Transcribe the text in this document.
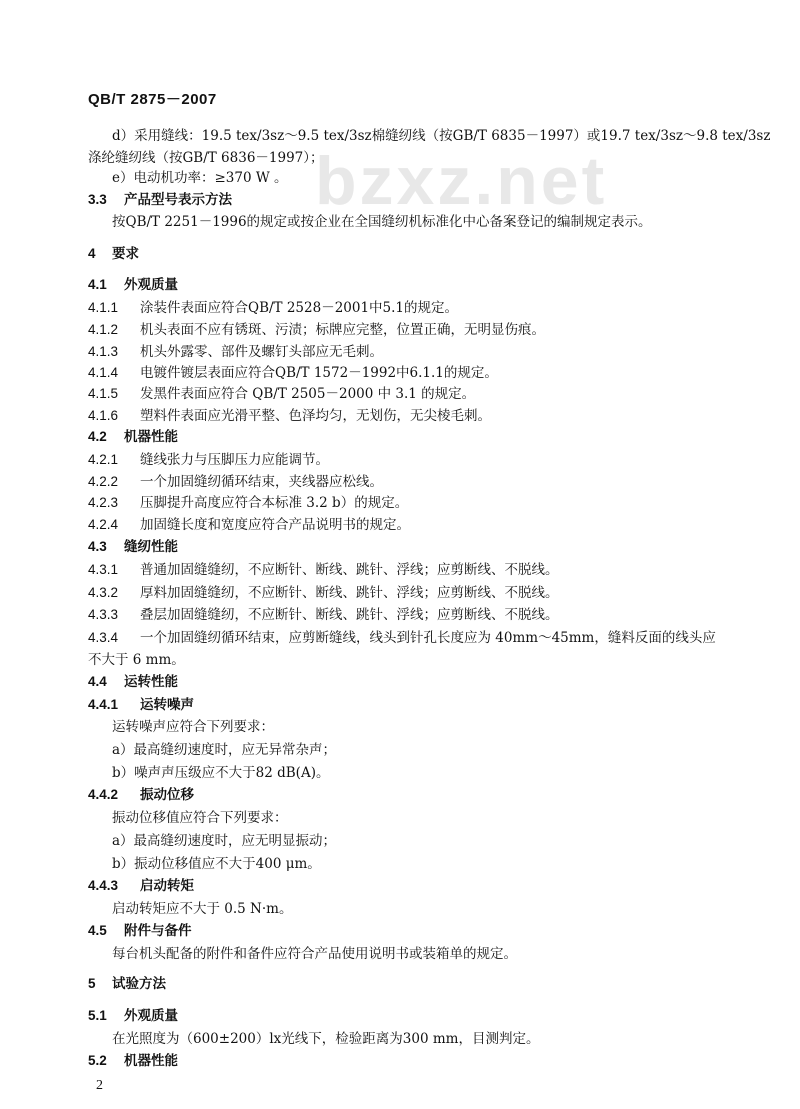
bzxz.net
QB/T 2875－2007
d）采用缝线：19.5 tex/3sz～9.5 tex/3sz棉缝纫线（按GB/T 6835－1997）或19.7 tex/3sz～9.8 tex/3sz
涤纶缝纫线（按GB/T 6836－1997）；
e）电动机功率：≥370 W 。
3.3 产品型号表示方法
按QB/T 2251－1996的规定或按企业在全国缝纫机标准化中心备案登记的编制规定表示。
4 要求
4.1 外观质量
4.1.1 涂装件表面应符合QB/T 2528－2001中5.1的规定。
4.1.2 机头表面不应有锈斑、污渍；标牌应完整，位置正确，无明显伤痕。
4.1.3 机头外露零、部件及螺钉头部应无毛刺。
4.1.4 电镀件镀层表面应符合QB/T 1572－1992中6.1.1的规定。
4.1.5 发黑件表面应符合 QB/T 2505－2000 中 3.1 的规定。
4.1.6 塑料件表面应光滑平整、色泽均匀，无划伤，无尖棱毛刺。
4.2 机器性能
4.2.1 缝线张力与压脚压力应能调节。
4.2.2 一个加固缝纫循环结束，夹线器应松线。
4.2.3 压脚提升高度应符合本标准 3.2 b）的规定。
4.2.4 加固缝长度和宽度应符合产品说明书的规定。
4.3 缝纫性能
4.3.1 普通加固缝缝纫，不应断针、断线、跳针、浮线；应剪断线、不脱线。
4.3.2 厚料加固缝缝纫，不应断针、断线、跳针、浮线；应剪断线、不脱线。
4.3.3 叠层加固缝缝纫，不应断针、断线、跳针、浮线；应剪断线、不脱线。
4.3.4 一个加固缝纫循环结束，应剪断缝线，线头到针孔长度应为 40mm～45mm，缝料反面的线头应
不大于 6 mm。
4.4 运转性能
4.4.1 运转噪声
运转噪声应符合下列要求：
a）最高缝纫速度时，应无异常杂声；
b）噪声声压级应不大于82 dB(A)。
4.4.2 振动位移
振动位移值应符合下列要求：
a）最高缝纫速度时，应无明显振动；
b）振动位移值应不大于400 μm。
4.4.3 启动转矩
启动转矩应不大于 0.5 N·m。
4.5 附件与备件
每台机头配备的附件和备件应符合产品使用说明书或装箱单的规定。
5 试验方法
5.1 外观质量
在光照度为（600±200）lx光线下，检验距离为300 mm，目测判定。
5.2 机器性能
2
